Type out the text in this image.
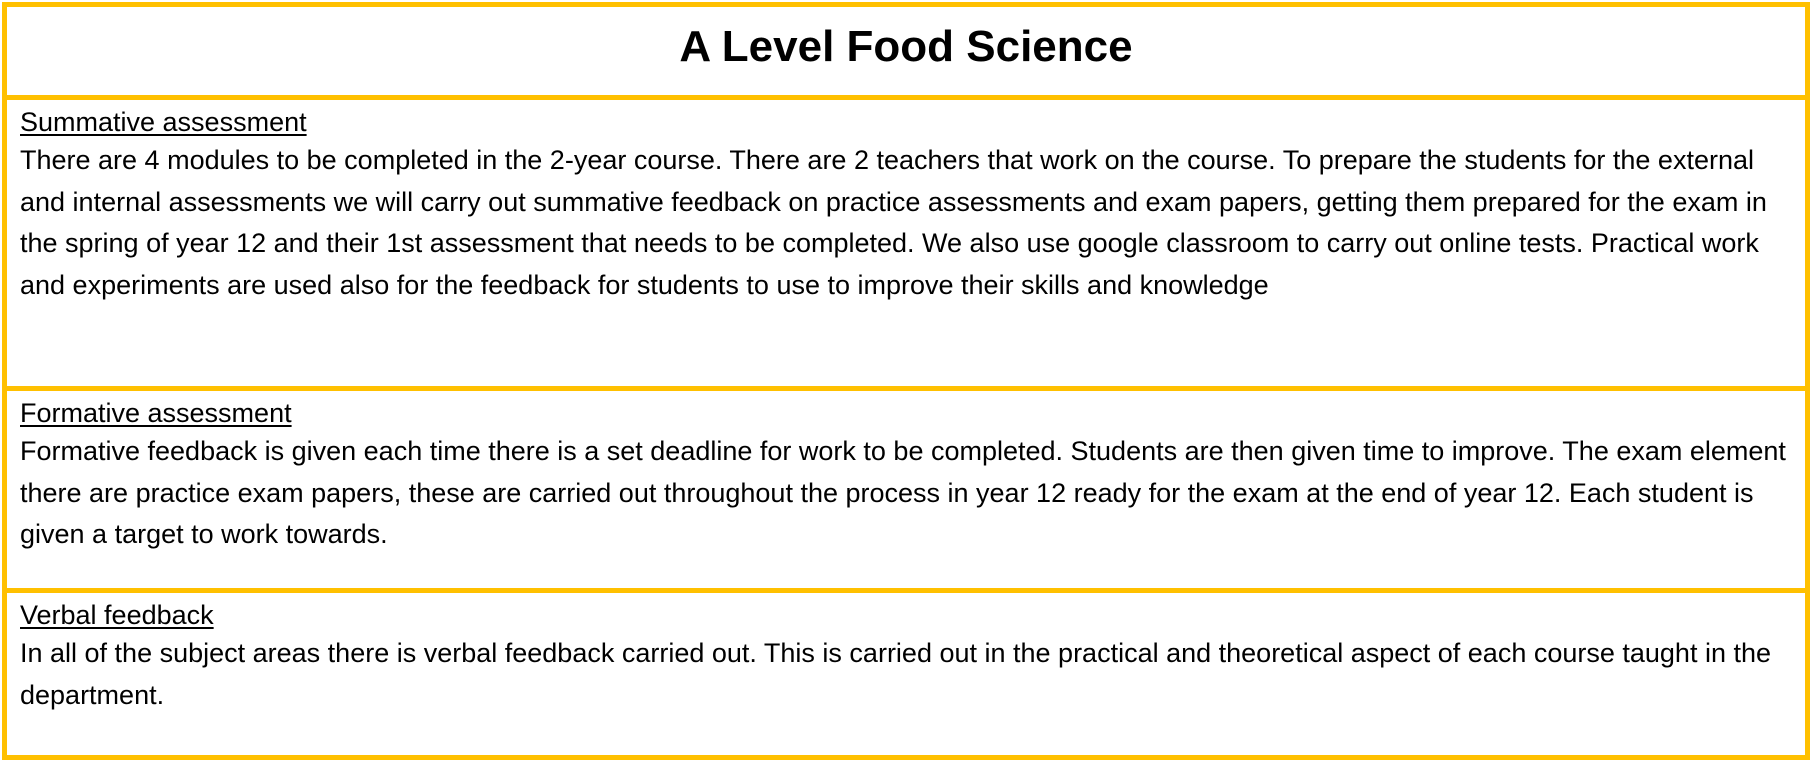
A Level Food Science

Summative assessment
There are 4 modules to be completed in the 2-year course. There are 2 teachers that work on the course. To prepare the students for the external and internal assessments we will carry out summative feedback on practice assessments and exam papers, getting them prepared for the exam in the spring of year 12 and their 1st assessment that needs to be completed. We also use google classroom to carry out online tests. Practical work and experiments are used also for the feedback for students to use to improve their skills and knowledge

Formative assessment
Formative feedback is given each time there is a set deadline for work to be completed. Students are then given time to improve. The exam element there are practice exam papers, these are carried out throughout the process in year 12 ready for the exam at the end of year 12. Each student is given a target to work towards.

Verbal feedback
In all of the subject areas there is verbal feedback carried out. This is carried out in the practical and theoretical aspect of each course taught in the department.
